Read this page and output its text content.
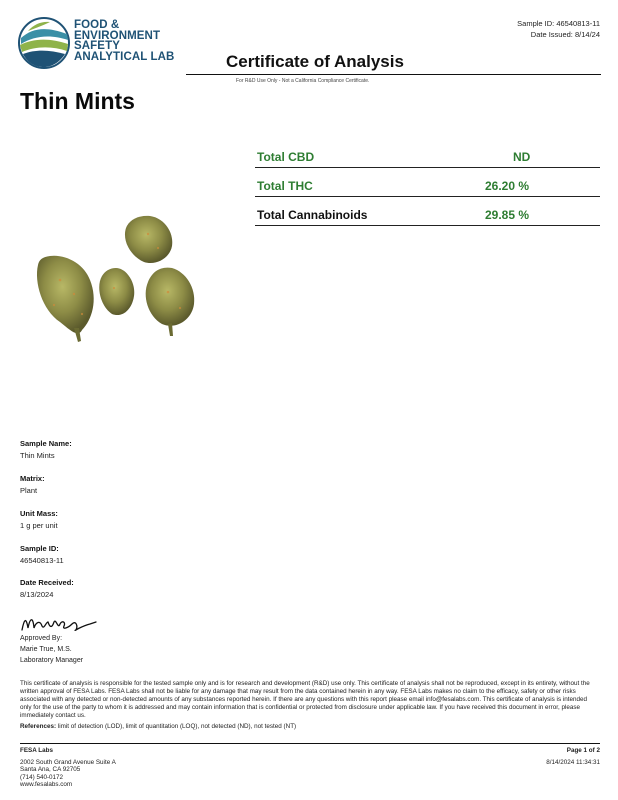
FOOD &
ENVIRONMENT
SAFETY
ANALYTICAL LAB
Sample ID: 46540813-11
Date Issued: 8/14/24
Certificate of Analysis
For R&D Use Only - Not a California Compliance Certificate.
Thin Mints
Total CBD	ND
Total THC	26.20 %
Total Cannabinoids	29.85 %
Sample Name:
Thin Mints
Matrix:
Plant
Unit Mass:
1 g per unit
Sample ID:
46540813-11
Date Received:
8/13/2024
Approved By:
Marie True, M.S.
Laboratory Manager
This certificate of analysis is responsible for the tested sample only and is for research and development (R&D) use only. This certificate of analysis shall not be reproduced, except in its entirety, without the written approval of FESA Labs. FESA Labs shall not be liable for any damage that may result from the data contained herein in any way. FESA Labs makes no claim to the efficacy, safety or other risks associated with any detected or non-detected amounts of any substances reported herein. If there are any questions with this report please email info@fesalabs.com. This certificate of analysis is intended only for the use of the party to whom it is addressed and may contain information that is confidential or protected from disclosure under applicable law. If you have received this document in error, please immediately contact us.
References: limit of detection (LOD), limit of quantitation (LOQ), not detected (ND), not tested (NT)
FESA Labs
2002 South Grand Avenue Suite A
Santa Ana, CA 92705
(714) 540-0172
www.fesalabs.com
Page 1 of 2
8/14/2024 11:34:31
